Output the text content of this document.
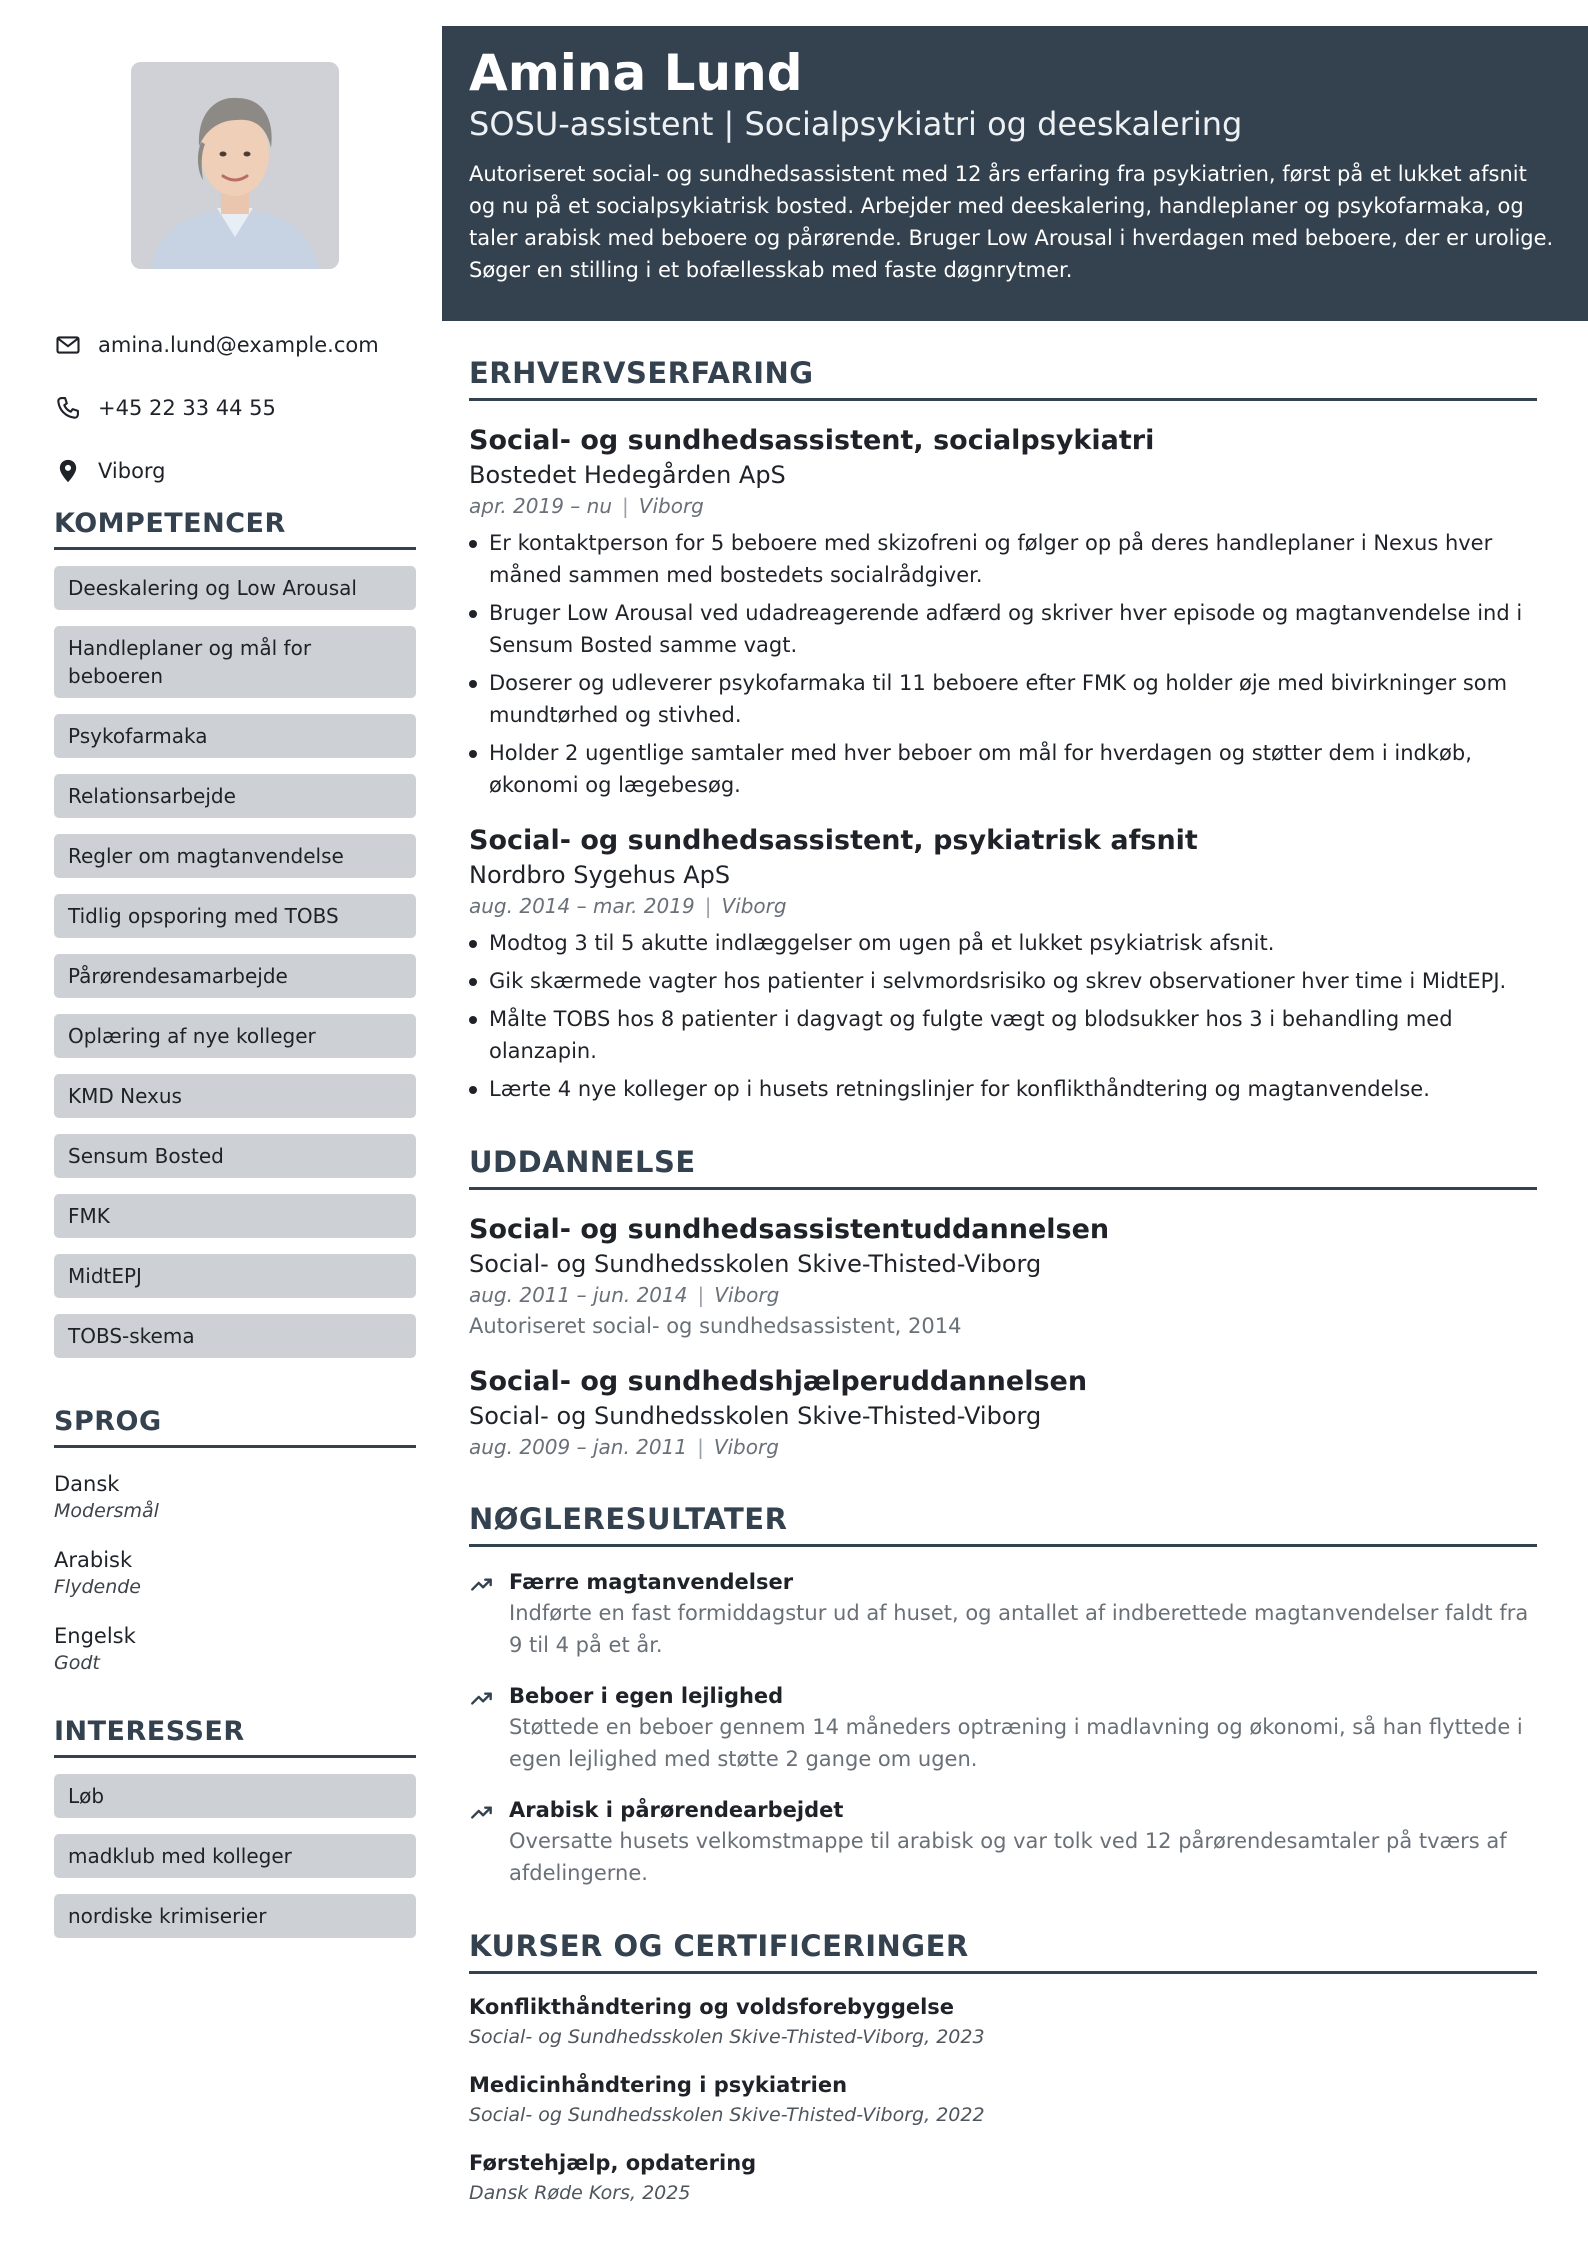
amina.lund@example.com
+45 22 33 44 55
Viborg
KOMPETENCER
Deeskalering og Low Arousal
Handleplaner og mål for beboeren
Psykofarmaka
Relationsarbejde
Regler om magtanvendelse
Tidlig opsporing med TOBS
Pårørendesamarbejde
Oplæring af nye kolleger
KMD Nexus
Sensum Bosted
FMK
MidtEPJ
TOBS-skema
SPROG
Dansk
Modersmål
Arabisk
Flydende
Engelsk
Godt
INTERESSER
Løb
madklub med kolleger
nordiske krimiserier
Amina Lund
SOSU-assistent | Socialpsykiatri og deeskalering
Autoriseret social- og sundhedsassistent med 12 års erfaring fra psykiatrien, først på et lukket afsnit og nu på et socialpsykiatrisk bosted. Arbejder med deeskalering, handleplaner og psykofarmaka, og taler arabisk med beboere og pårørende. Bruger Low Arousal i hverdagen med beboere, der er urolige. Søger en stilling i et bofællesskab med faste døgnrytmer.
ERHVERVSERFARING
Social- og sundhedsassistent, socialpsykiatri
Bostedet Hedegården ApS
apr. 2019 – nu | Viborg
Er kontaktperson for 5 beboere med skizofreni og følger op på deres handleplaner i Nexus hver måned sammen med bostedets socialrådgiver.
Bruger Low Arousal ved udadreagerende adfærd og skriver hver episode og magtanvendelse ind i Sensum Bosted samme vagt.
Doserer og udleverer psykofarmaka til 11 beboere efter FMK og holder øje med bivirkninger som mundtørhed og stivhed.
Holder 2 ugentlige samtaler med hver beboer om mål for hverdagen og støtter dem i indkøb, økonomi og lægebesøg.
Social- og sundhedsassistent, psykiatrisk afsnit
Nordbro Sygehus ApS
aug. 2014 – mar. 2019 | Viborg
Modtog 3 til 5 akutte indlæggelser om ugen på et lukket psykiatrisk afsnit.
Gik skærmede vagter hos patienter i selvmordsrisiko og skrev observationer hver time i MidtEPJ.
Målte TOBS hos 8 patienter i dagvagt og fulgte vægt og blodsukker hos 3 i behandling med olanzapin.
Lærte 4 nye kolleger op i husets retningslinjer for konflikthåndtering og magtanvendelse.
UDDANNELSE
Social- og sundhedsassistentuddannelsen
Social- og Sundhedsskolen Skive-Thisted-Viborg
aug. 2011 – jun. 2014 | Viborg
Autoriseret social- og sundhedsassistent, 2014
Social- og sundhedshjælperuddannelsen
Social- og Sundhedsskolen Skive-Thisted-Viborg
aug. 2009 – jan. 2011 | Viborg
NØGLERESULTATER
Færre magtanvendelser
Indførte en fast formiddagstur ud af huset, og antallet af indberettede magtanvendelser faldt fra 9 til 4 på et år.
Beboer i egen lejlighed
Støttede en beboer gennem 14 måneders optræning i madlavning og økonomi, så han flyttede i egen lejlighed med støtte 2 gange om ugen.
Arabisk i pårørendearbejdet
Oversatte husets velkomstmappe til arabisk og var tolk ved 12 pårørendesamtaler på tværs af afdelingerne.
KURSER OG CERTIFICERINGER
Konflikthåndtering og voldsforebyggelse
Social- og Sundhedsskolen Skive-Thisted-Viborg, 2023
Medicinhåndtering i psykiatrien
Social- og Sundhedsskolen Skive-Thisted-Viborg, 2022
Førstehjælp, opdatering
Dansk Røde Kors, 2025
